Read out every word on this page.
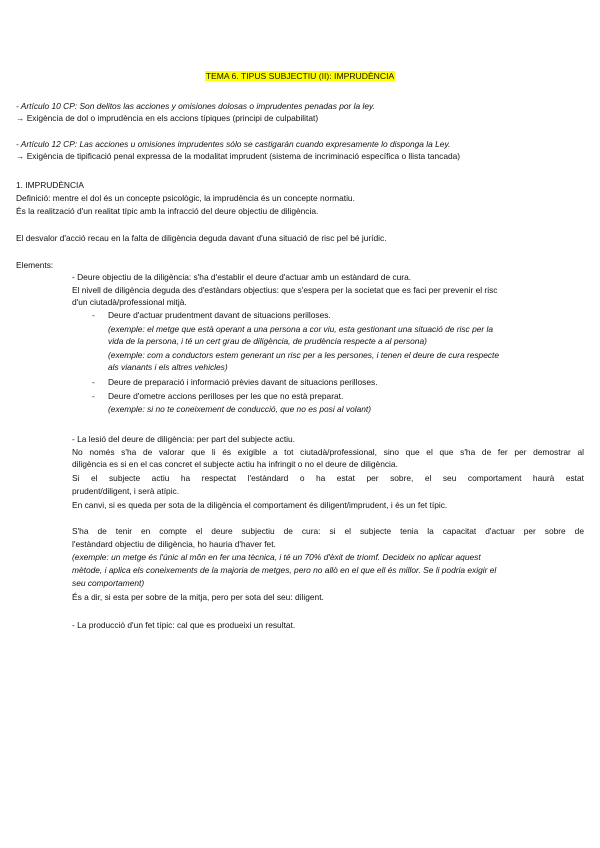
TEMA 6. TIPUS SUBJECTIU (II): IMPRUDÈNCIA
- Artículo 10 CP: Son delitos las acciones y omisiones dolosas o imprudentes penadas por la ley.
→ Exigència de dol o imprudència en els accions típiques (principi de culpabilitat)
- Artículo 12 CP: Las acciones u omisiones imprudentes sólo se castigarán cuando expresamente lo disponga la Ley.
→ Exigència de tipificació penal expressa de la modalitat imprudent (sistema de incriminació específica o llista tancada)
1. IMPRUDÈNCIA
Definició: mentre el dol és un concepte psicològic, la imprudència és un concepte normatiu.
És la realització d'un realitat típic amb la infracció del deure objectiu de diligència.
El desvalor d'acció recau en la falta de diligència deguda davant d'una situació de risc pel bé jurídic.
Elements:
- Deure objectiu de la diligència: s'ha d'establir el deure d'actuar amb un estàndard de cura.
El nivell de diligència deguda des d'estàndars objectius: que s'espera per la societat que es faci per prevenir el risc
d'un ciutadà/professional mitjà.
- Deure d'actuar prudentment davant de situacions perilloses.
(exemple: el metge que està operant a una persona a cor viu, esta gestionant una situació de risc per la
vida de la persona, i té un cert grau de diligència, de prudència respecte a al persona)
(exemple: com a conductors estem generant un risc per a les persones, i tenen el deure de cura respecte
als vianants i els altres vehicles)
- Deure de preparació i informació prèvies davant de situacions perilloses.
- Deure d'ometre accions perilloses per les que no està preparat.
(exemple: si no te coneixement de conducció, que no es posi al volant)
- La lesió del deure de diligència: per part del subjecte actiu.
No només s'ha de valorar que li és exigible a tot ciutadà/professional, sino que el que s'ha de fer per demostrar al
diligència es si en el cas concret el subjecte actiu ha infringit o no el deure de diligència.
Si el subjecte actiu ha respectat l'estàndard o ha estat per sobre, el seu comportament haurà estat
prudent/diligent, i serà atípic.
En canvi, si es queda per sota de la diligència el comportament és diligent/imprudent, i és un fet típic.
S'ha de tenir en compte el deure subjectiu de cura: si el subjecte tenia la capacitat d'actuar per sobre de
l'estàndard objectiu de diligència, ho hauria d'haver fet.
(exemple: un metge és l'únic al môn en fer una tècnica, i té un 70% d'èxit de triomf. Decideix no aplicar aquest
mètode, i aplica els coneixements de la majoria de metges, pero no allò en el que ell és millor. Se li podria exigir el
seu comportament)
És a dir, si esta per sobre de la mitja, pero per sota del seu: diligent.
- La producció d'un fet típic: cal que es produeixi un resultat.
